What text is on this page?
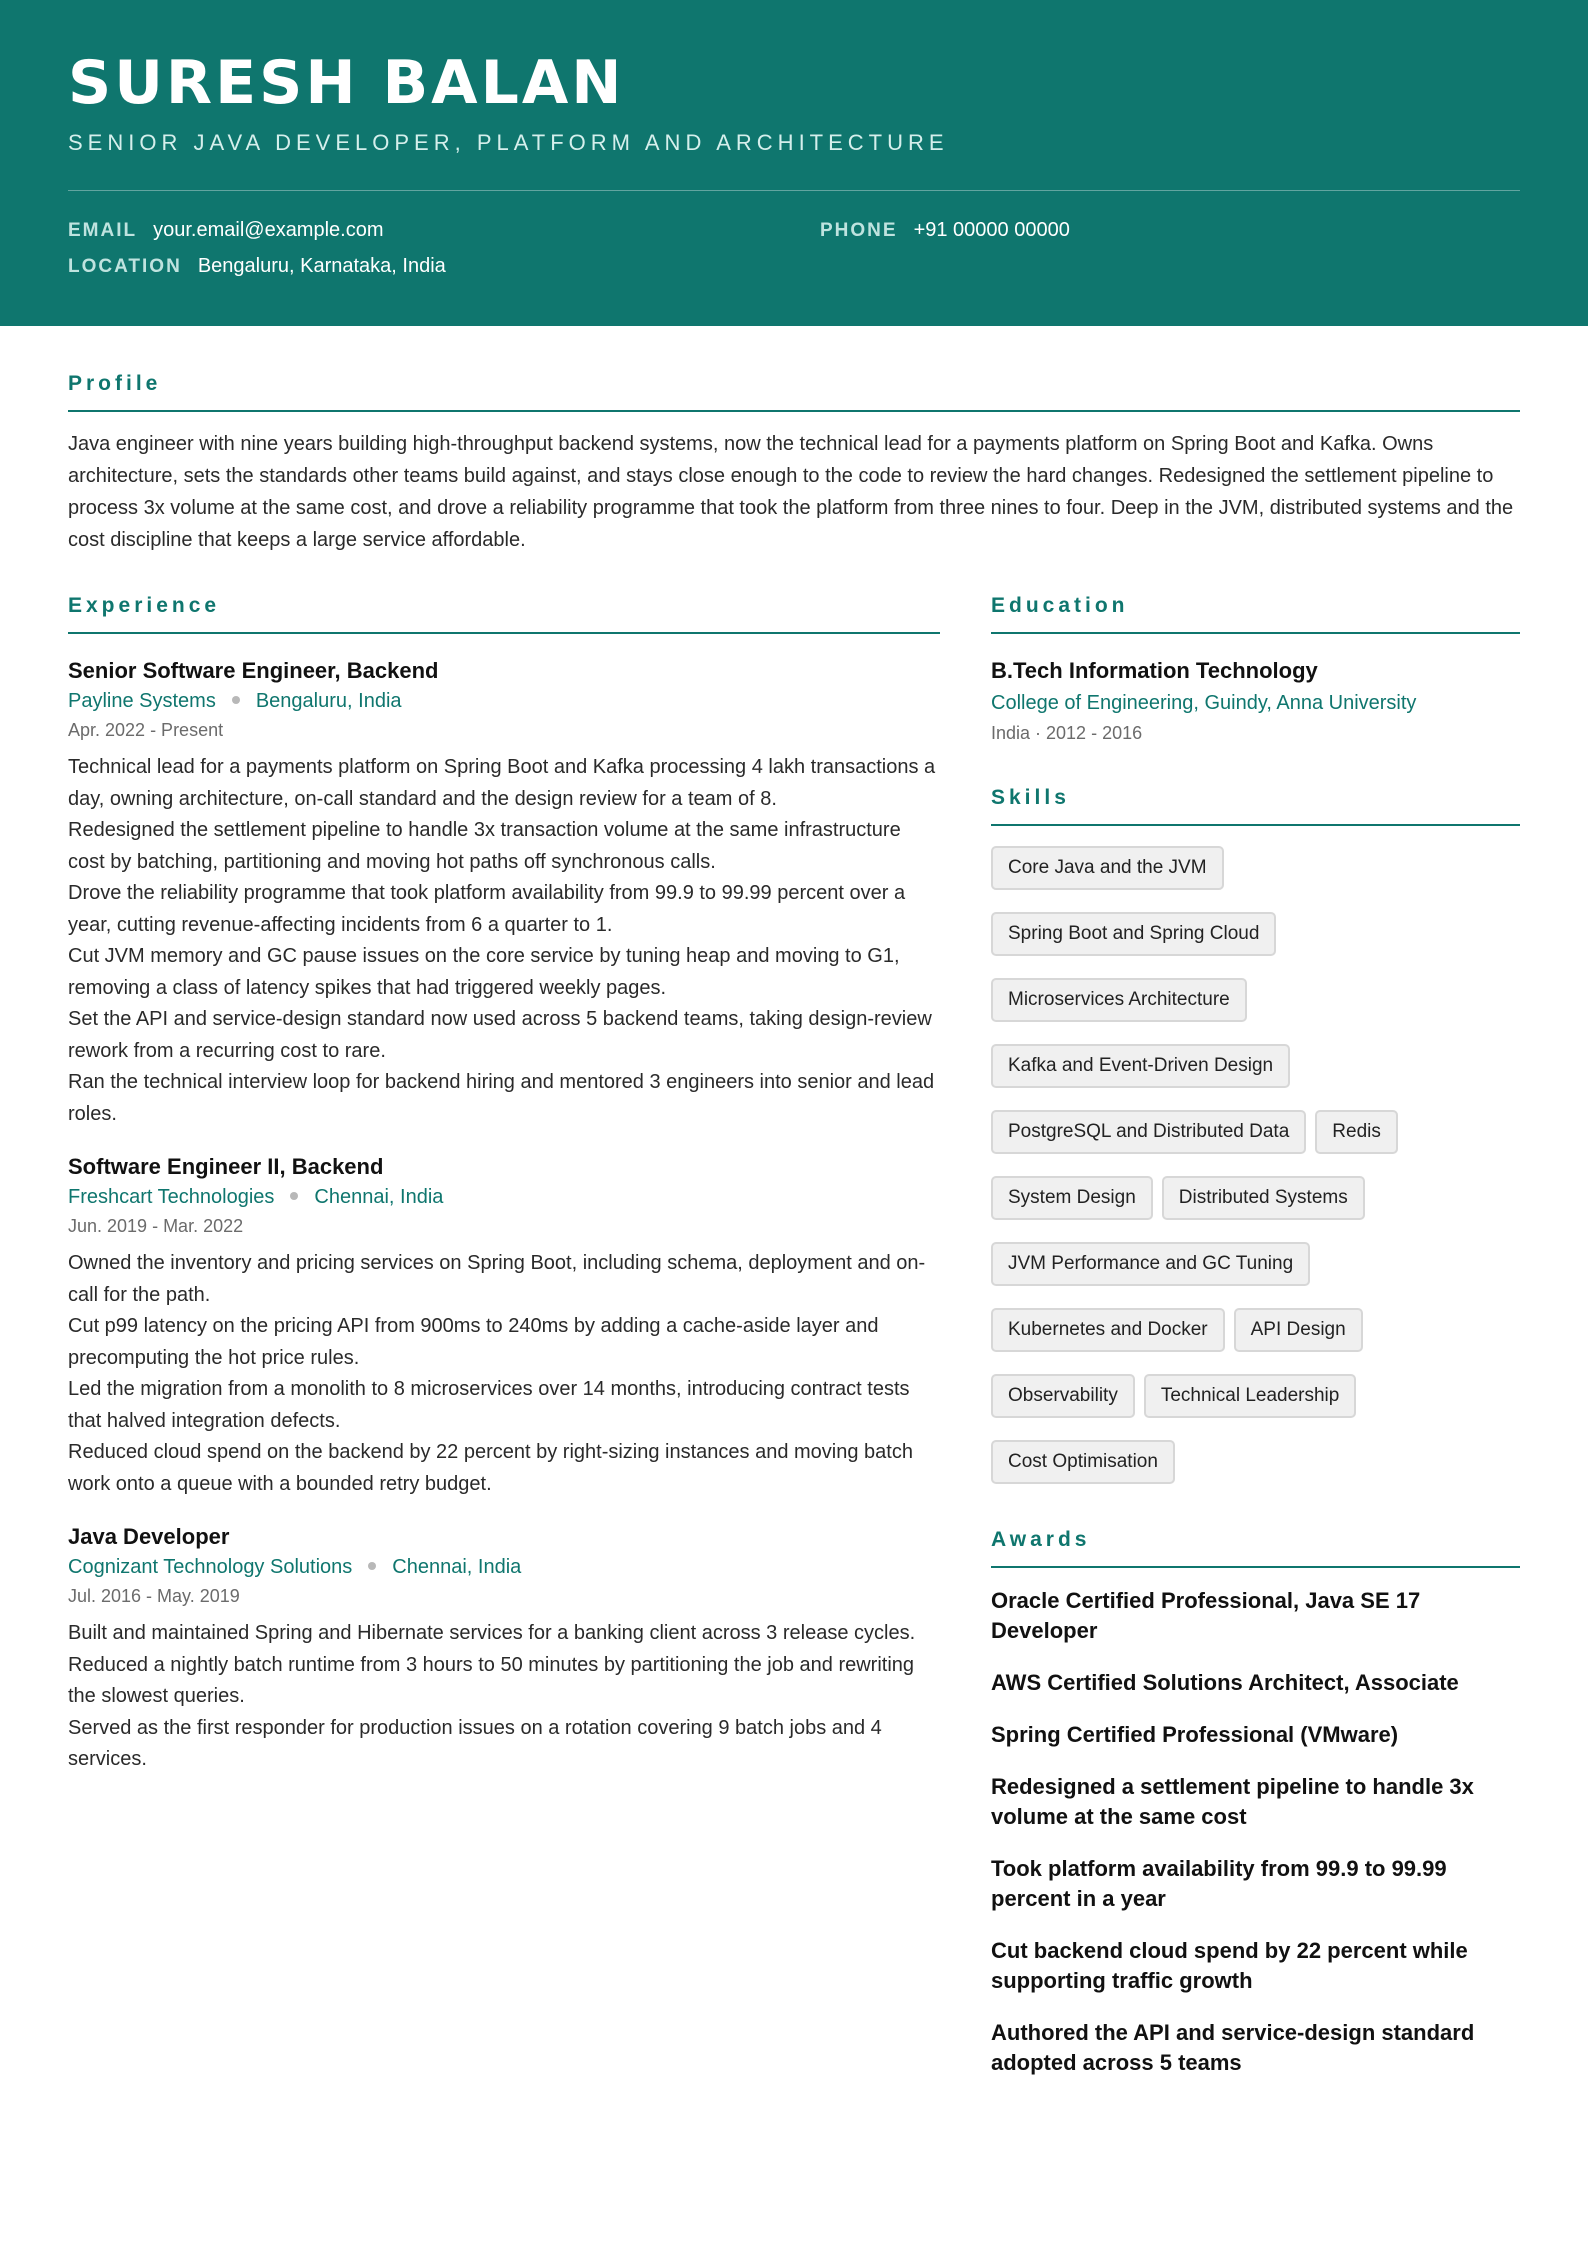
SURESH BALAN
SENIOR JAVA DEVELOPER, PLATFORM AND ARCHITECTURE
EMAIL your.email@example.com	PHONE +91 00000 00000
LOCATION Bengaluru, Karnataka, India
Profile
Java engineer with nine years building high-throughput backend systems, now the technical lead for a payments platform on Spring Boot and Kafka. Owns architecture, sets the standards other teams build against, and stays close enough to the code to review the hard changes. Redesigned the settlement pipeline to process 3x volume at the same cost, and drove a reliability programme that took the platform from three nines to four. Deep in the JVM, distributed systems and the cost discipline that keeps a large service affordable.
Experience
Senior Software Engineer, Backend
Payline Systems Bengaluru, India
Apr. 2022 - Present
Technical lead for a payments platform on Spring Boot and Kafka processing 4 lakh transactions a day, owning architecture, on-call standard and the design review for a team of 8.
Redesigned the settlement pipeline to handle 3x transaction volume at the same infrastructure cost by batching, partitioning and moving hot paths off synchronous calls.
Drove the reliability programme that took platform availability from 99.9 to 99.99 percent over a year, cutting revenue-affecting incidents from 6 a quarter to 1.
Cut JVM memory and GC pause issues on the core service by tuning heap and moving to G1, removing a class of latency spikes that had triggered weekly pages.
Set the API and service-design standard now used across 5 backend teams, taking design-review rework from a recurring cost to rare.
Ran the technical interview loop for backend hiring and mentored 3 engineers into senior and lead roles.
Software Engineer II, Backend
Freshcart Technologies Chennai, India
Jun. 2019 - Mar. 2022
Owned the inventory and pricing services on Spring Boot, including schema, deployment and on-call for the path.
Cut p99 latency on the pricing API from 900ms to 240ms by adding a cache-aside layer and precomputing the hot price rules.
Led the migration from a monolith to 8 microservices over 14 months, introducing contract tests that halved integration defects.
Reduced cloud spend on the backend by 22 percent by right-sizing instances and moving batch work onto a queue with a bounded retry budget.
Java Developer
Cognizant Technology Solutions Chennai, India
Jul. 2016 - May. 2019
Built and maintained Spring and Hibernate services for a banking client across 3 release cycles.
Reduced a nightly batch runtime from 3 hours to 50 minutes by partitioning the job and rewriting the slowest queries.
Served as the first responder for production issues on a rotation covering 9 batch jobs and 4 services.
Education
B.Tech Information Technology
College of Engineering, Guindy, Anna University
India · 2012 - 2016
Skills
Core Java and the JVM
Spring Boot and Spring Cloud
Microservices Architecture
Kafka and Event-Driven Design
PostgreSQL and Distributed Data	Redis
System Design	Distributed Systems
JVM Performance and GC Tuning
Kubernetes and Docker	API Design
Observability	Technical Leadership
Cost Optimisation
Awards
Oracle Certified Professional, Java SE 17 Developer
AWS Certified Solutions Architect, Associate
Spring Certified Professional (VMware)
Redesigned a settlement pipeline to handle 3x volume at the same cost
Took platform availability from 99.9 to 99.99 percent in a year
Cut backend cloud spend by 22 percent while supporting traffic growth
Authored the API and service-design standard adopted across 5 teams
